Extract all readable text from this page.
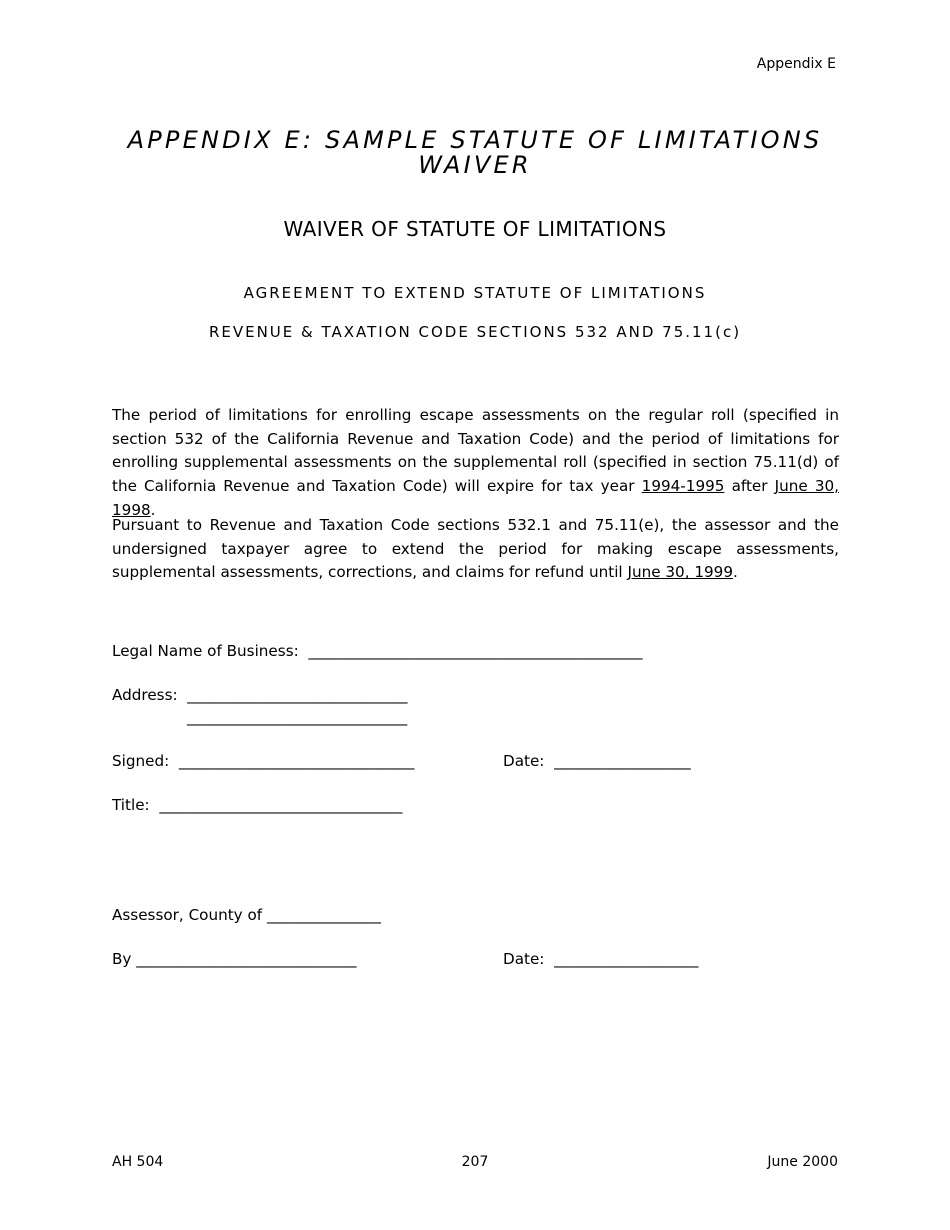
Appendix E
APPENDIX E: SAMPLE STATUTE OF LIMITATIONS
WAIVER
WAIVER OF STATUTE OF LIMITATIONS
AGREEMENT TO EXTEND STATUTE OF LIMITATIONS
REVENUE & TAXATION CODE SECTIONS 532 AND 75.11(c)
The period of limitations for enrolling escape assessments on the regular roll (specified in section 532 of the California Revenue and Taxation Code) and the period of limitations for enrolling supplemental assessments on the supplemental roll (specified in section 75.11(d) of the California Revenue and Taxation Code) will expire for tax year 1994-1995 after June 30, 1998.
Pursuant to Revenue and Taxation Code sections 532.1 and 75.11(e), the assessor and the undersigned taxpayer agree to extend the period for making escape assessments, supplemental assessments, corrections, and claims for refund until June 30, 1999.
Legal Name of Business:  ____________________________________________
Address:  _____________________________
_____________________________
Signed:  _______________________________	Date:  __________________
Title:  ________________________________
Assessor, County of _______________
By _____________________________	Date:  ___________________
AH 504	207	June 2000
